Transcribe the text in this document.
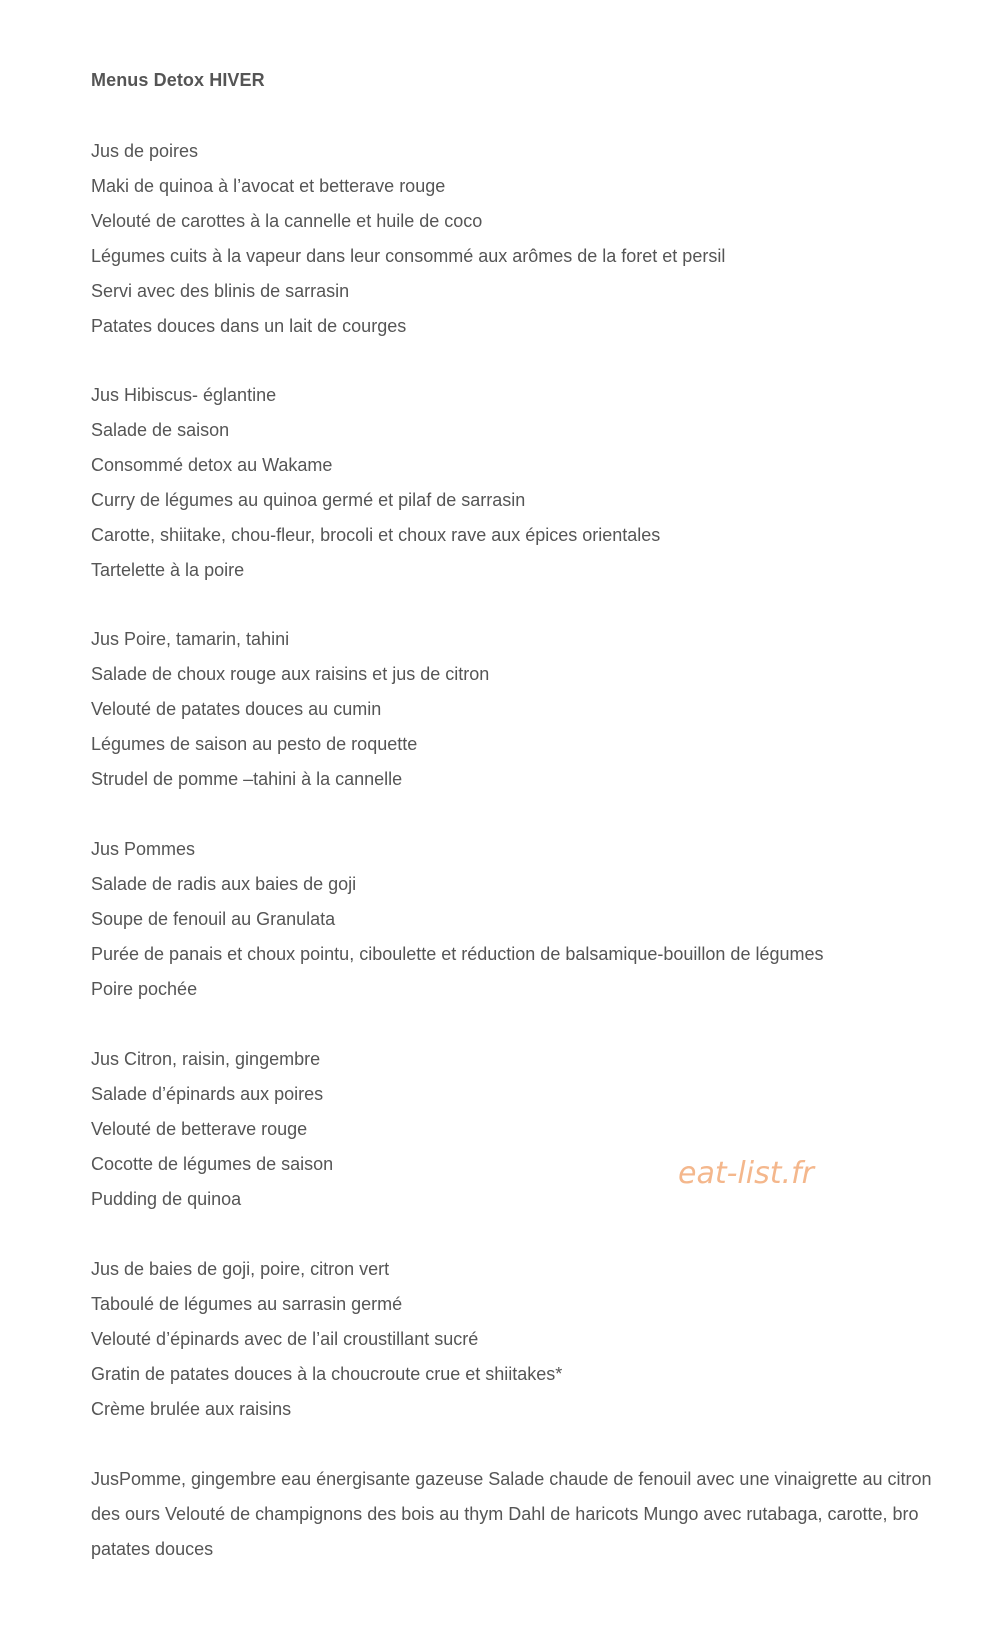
Menus Detox HIVER
Jus de poires
Maki de quinoa à l’avocat et betterave rouge
Velouté de carottes à la cannelle et huile de coco
Légumes cuits à la vapeur dans leur consommé aux arômes de la foret et persil
Servi avec des blinis de sarrasin
Patates douces dans un lait de courges
Jus Hibiscus- églantine
Salade de saison
Consommé detox au Wakame
Curry de légumes au quinoa germé et pilaf de sarrasin
Carotte, shiitake, chou-fleur, brocoli et choux rave aux épices orientales
Tartelette à la poire
Jus Poire, tamarin, tahini
Salade de choux rouge aux raisins et jus de citron
Velouté de patates douces au cumin
Légumes de saison au pesto de roquette
Strudel de pomme –tahini à la cannelle
Jus Pommes
Salade de radis aux baies de goji
Soupe de fenouil au Granulata
Purée de panais et choux pointu, ciboulette et réduction de balsamique-bouillon de légumes
Poire pochée
Jus Citron, raisin, gingembre
Salade d’épinards aux poires
Velouté de betterave rouge
Cocotte de légumes de saison
Pudding de quinoa
Jus de baies de goji, poire, citron vert
Taboulé de légumes au sarrasin germé
Velouté d’épinards avec de l’ail croustillant sucré
Gratin de patates douces à la choucroute crue et shiitakes*
Crème brulée aux raisins
JusPomme, gingembre eau énergisante gazeuse Salade chaude de fenouil avec une vinaigrette au citron
des ours Velouté de champignons des bois au thym Dahl de haricots Mungo avec rutabaga, carotte, bro
patates douces
eat-list.fr
